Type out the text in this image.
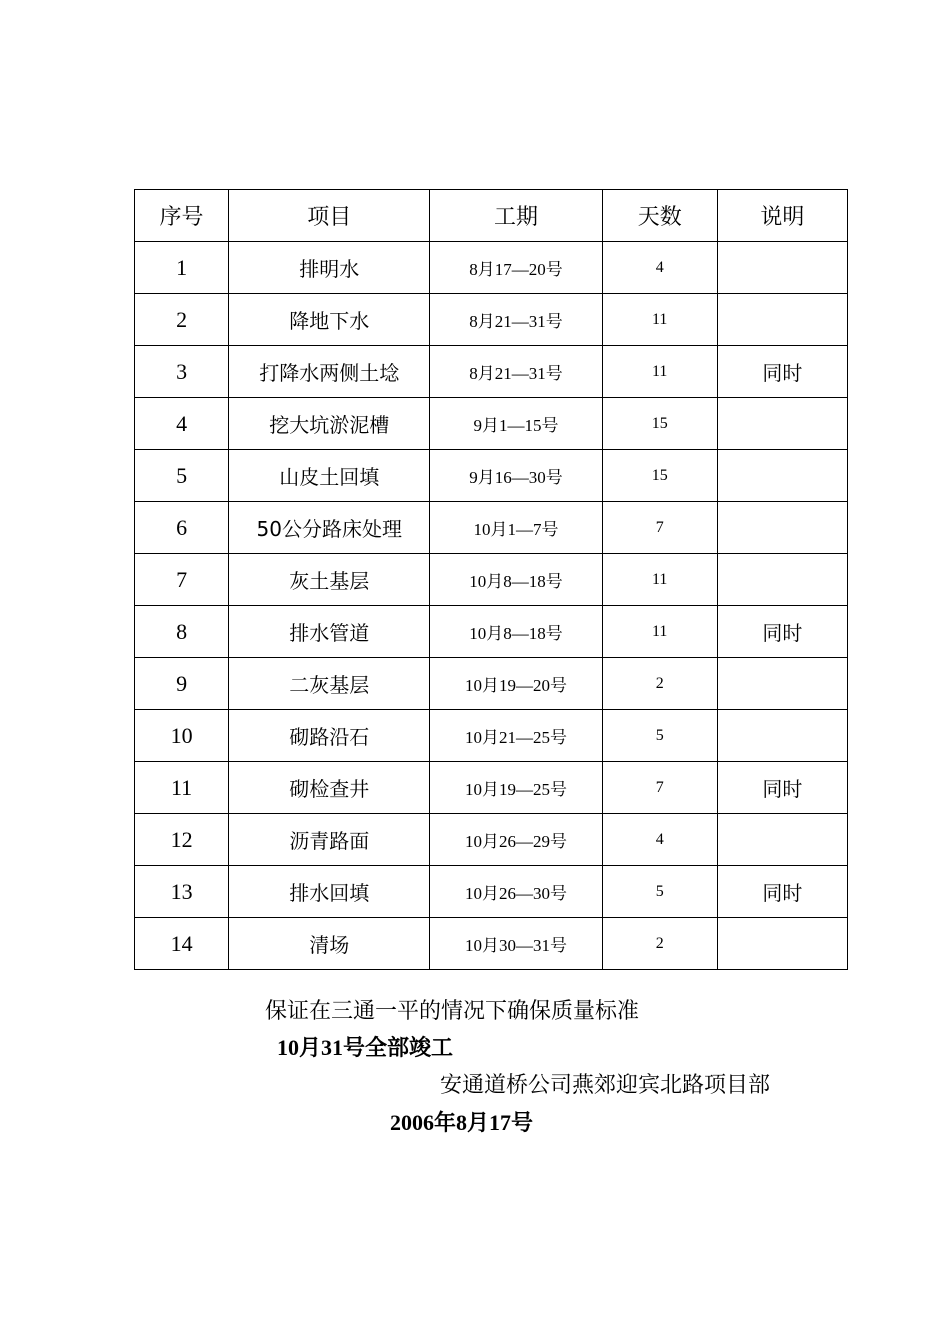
序号	项目	工期	天数	说明
1	排明水	8月17—20号	4	
2	降地下水	8月21—31号	11	
3	打降水两侧土埝	8月21—31号	11	同时
4	挖大坑淤泥槽	9月1—15号	15	
5	山皮土回填	9月16—30号	15	
6	50公分路床处理	10月1—7号	7	
7	灰土基层	10月8—18号	11	
8	排水管道	10月8—18号	11	同时
9	二灰基层	10月19—20号	2	
10	砌路沿石	10月21—25号	5	
11	砌检查井	10月19—25号	7	同时
12	沥青路面	10月26—29号	4	
13	排水回填	10月26—30号	5	同时
14	清场	10月30—31号	2	
保证在三通一平的情况下确保质量标准
10月31号全部竣工
安通道桥公司燕郊迎宾北路项目部
2006年8月17号
